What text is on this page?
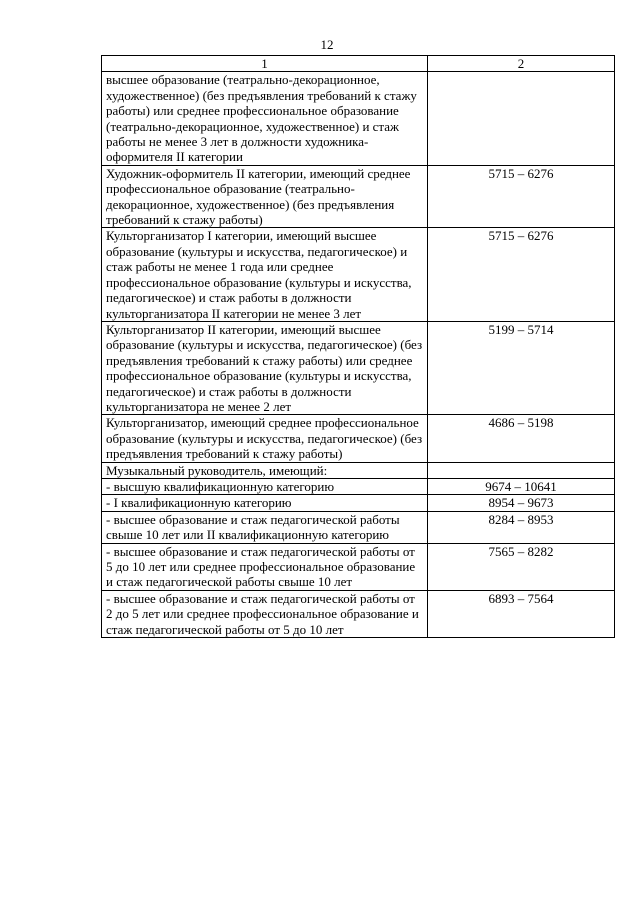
12
1	2
высшее образование (театрально-декорационное, художественное) (без предъявления требований к стажу работы) или среднее профессиональное образование (театрально-декорационное, художественное) и стаж работы не менее 3 лет в должности художника-оформителя II категории	
Художник-оформитель II категории, имеющий среднее профессиональное образование (театрально-декорационное, художественное) (без предъявления требований к стажу работы)	5715 – 6276
Культорганизатор I категории, имеющий высшее образование (культуры и искусства, педагогическое) и стаж работы не менее 1 года или среднее профессиональное образование (культуры и искусства, педагогическое) и стаж работы в должности культорганизатора II категории не менее 3 лет	5715 – 6276
Культорганизатор II категории, имеющий высшее образование (культуры и искусства, педагогическое) (без предъявления требований к стажу работы) или среднее профессиональное образование (культуры и искусства, педагогическое) и стаж работы в должности культорганизатора не менее 2 лет	5199 – 5714
Культорганизатор, имеющий среднее профессиональное образование (культуры и искусства, педагогическое) (без предъявления требований к стажу работы)	4686 – 5198
Музыкальный руководитель, имеющий:	
- высшую квалификационную категорию	9674 – 10641
- I квалификационную категорию	8954 – 9673
- высшее образование и стаж педагогической работы свыше 10 лет или II квалификационную категорию	8284 – 8953
- высшее образование и стаж педагогической работы от 5 до 10 лет или среднее профессиональное образование и стаж педагогической работы свыше 10 лет	7565 – 8282
- высшее образование и стаж педагогической работы от 2 до 5 лет или среднее профессиональное образование и стаж педагогической работы от 5 до 10 лет	6893 – 7564
